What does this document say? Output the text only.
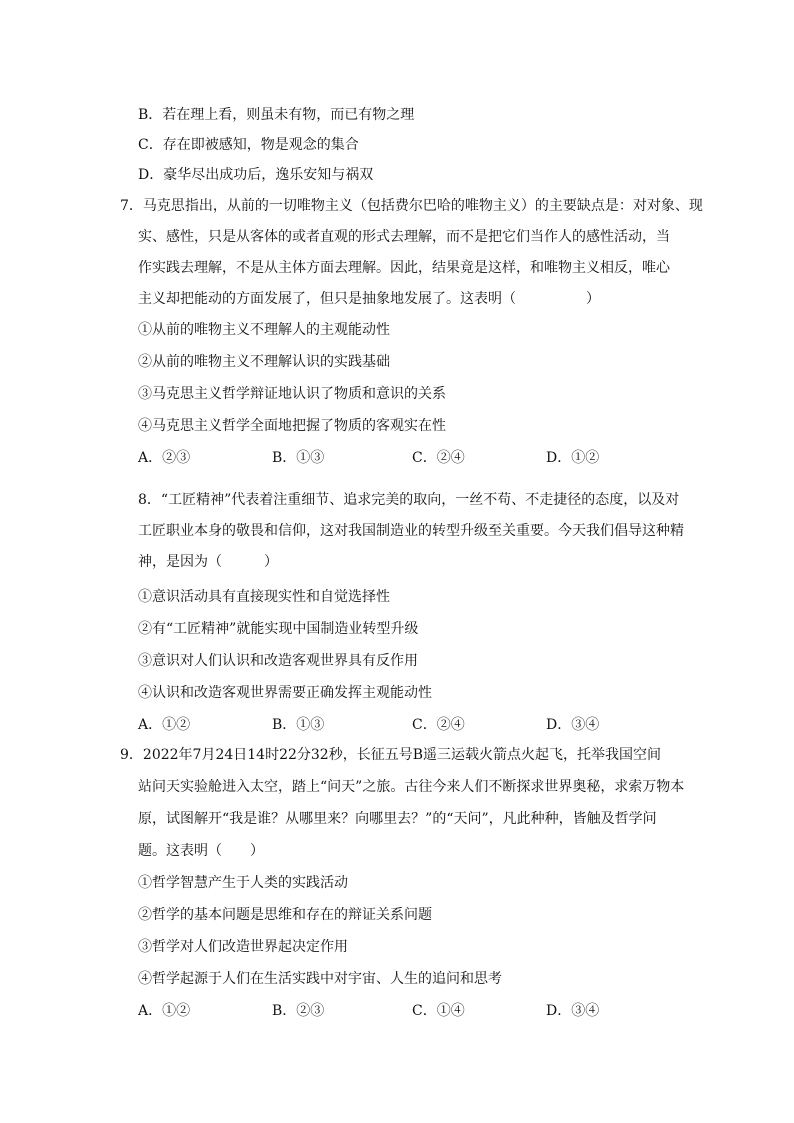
B．若在理上看，则虽未有物，而已有物之理
C．存在即被感知，物是观念的集合
D．豪华尽出成功后，逸乐安知与祸双
7．马克思指出，从前的一切唯物主义（包括费尔巴哈的唯物主义）的主要缺点是：对对象、现
实、感性，只是从客体的或者直观的形式去理解，而不是把它们当作人的感性活动，当
作实践去理解，不是从主体方面去理解。因此，结果竟是这样，和唯物主义相反，唯心
主义却把能动的方面发展了，但只是抽象地发展了。这表明（　　　　　）
①从前的唯物主义不理解人的主观能动性
②从前的唯物主义不理解认识的实践基础
③马克思主义哲学辩证地认识了物质和意识的关系
④马克思主义哲学全面地把握了物质的客观实在性
A．②③	B．①③	C．②④	D．①②
8．“工匠精神”代表着注重细节、追求完美的取向，一丝不苟、不走捷径的态度，以及对
工匠职业本身的敬畏和信仰，这对我国制造业的转型升级至关重要。今天我们倡导这种精
神，是因为（　　　）
①意识活动具有直接现实性和自觉选择性
②有“工匠精神”就能实现中国制造业转型升级
③意识对人们认识和改造客观世界具有反作用
④认识和改造客观世界需要正确发挥主观能动性
A．①②	B．①③	C．②④	D．③④
9．2022年7月24日14时22分32秒，长征五号B遥三运载火箭点火起飞，托举我国空间
站问天实验舱进入太空，踏上“问天”之旅。古往今来人们不断探求世界奥秘，求索万物本
原，试图解开“我是谁？从哪里来？向哪里去？”的“天问”，凡此种种，皆触及哲学问
题。这表明（　　）
①哲学智慧产生于人类的实践活动
②哲学的基本问题是思维和存在的辩证关系问题
③哲学对人们改造世界起决定作用
④哲学起源于人们在生活实践中对宇宙、人生的追问和思考
A．①②	B．②③	C．①④	D．③④
